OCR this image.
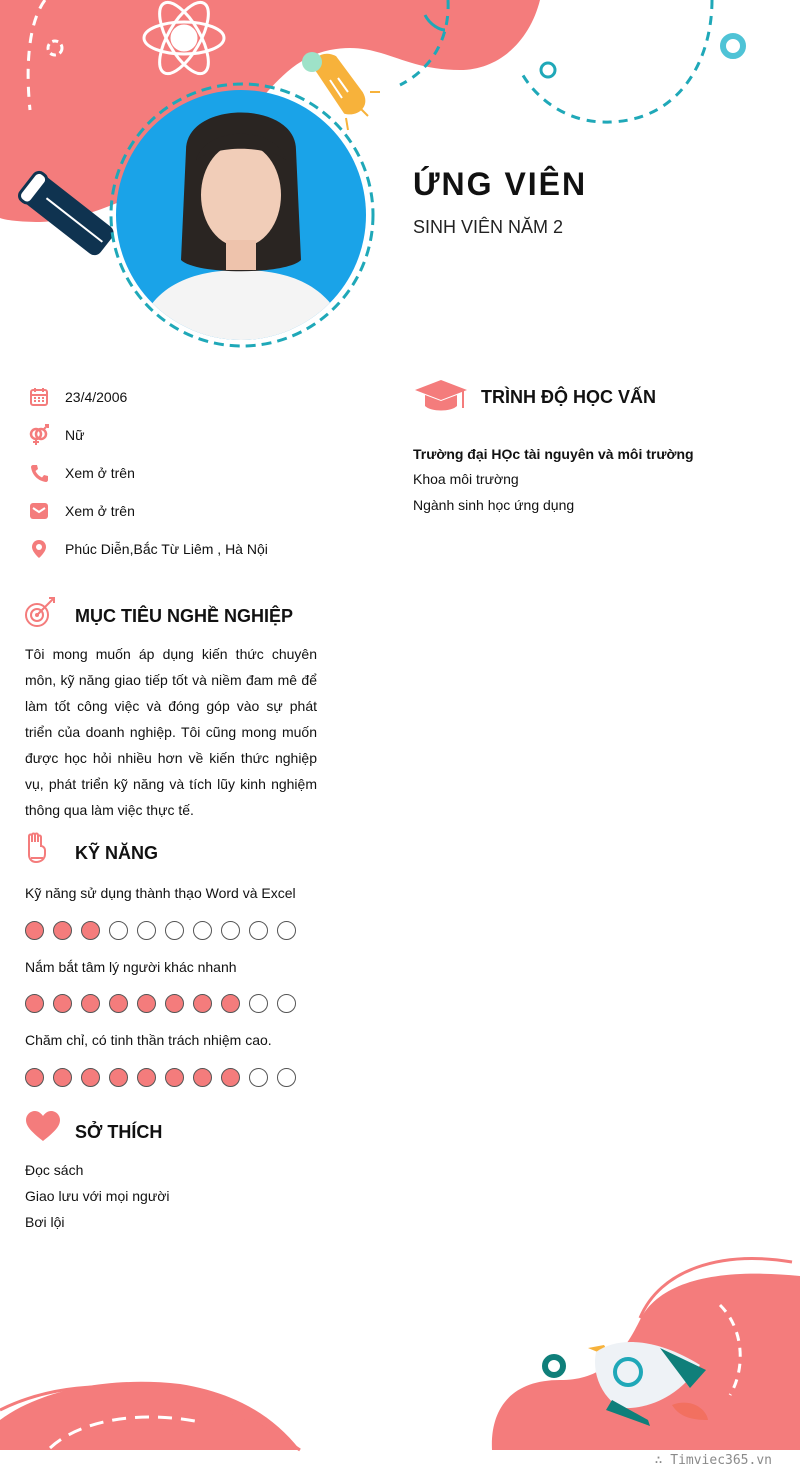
ỨNG VIÊN
SINH VIÊN NĂM 2
23/4/2006
Nữ
Xem ở trên
Xem ở trên
Phúc Diễn,Bắc Từ Liêm , Hà Nội
MỤC TIÊU NGHỀ NGHIỆP
Tôi mong muốn áp dụng kiến thức chuyên môn, kỹ năng giao tiếp tốt và niềm đam mê để làm tốt công việc và đóng góp vào sự phát triển của doanh nghiệp. Tôi cũng mong muốn được học hỏi nhiều hơn về kiến thức nghiệp vụ, phát triển kỹ năng và tích lũy kinh nghiệm thông qua làm việc thực tế.
KỸ NĂNG
Kỹ năng sử dụng thành thạo Word và Excel
Nắm bắt tâm lý người khác nhanh
Chăm chỉ, có tinh thần trách nhiệm cao.
SỞ THÍCH
Đọc sách
Giao lưu với mọi người
Bơi lội
TRÌNH ĐỘ HỌC VẤN
Trường đại HỌc tài nguyên và môi trường
Khoa môi trường
Ngành sinh học ứng dụng
∴ Timviec365.vn
